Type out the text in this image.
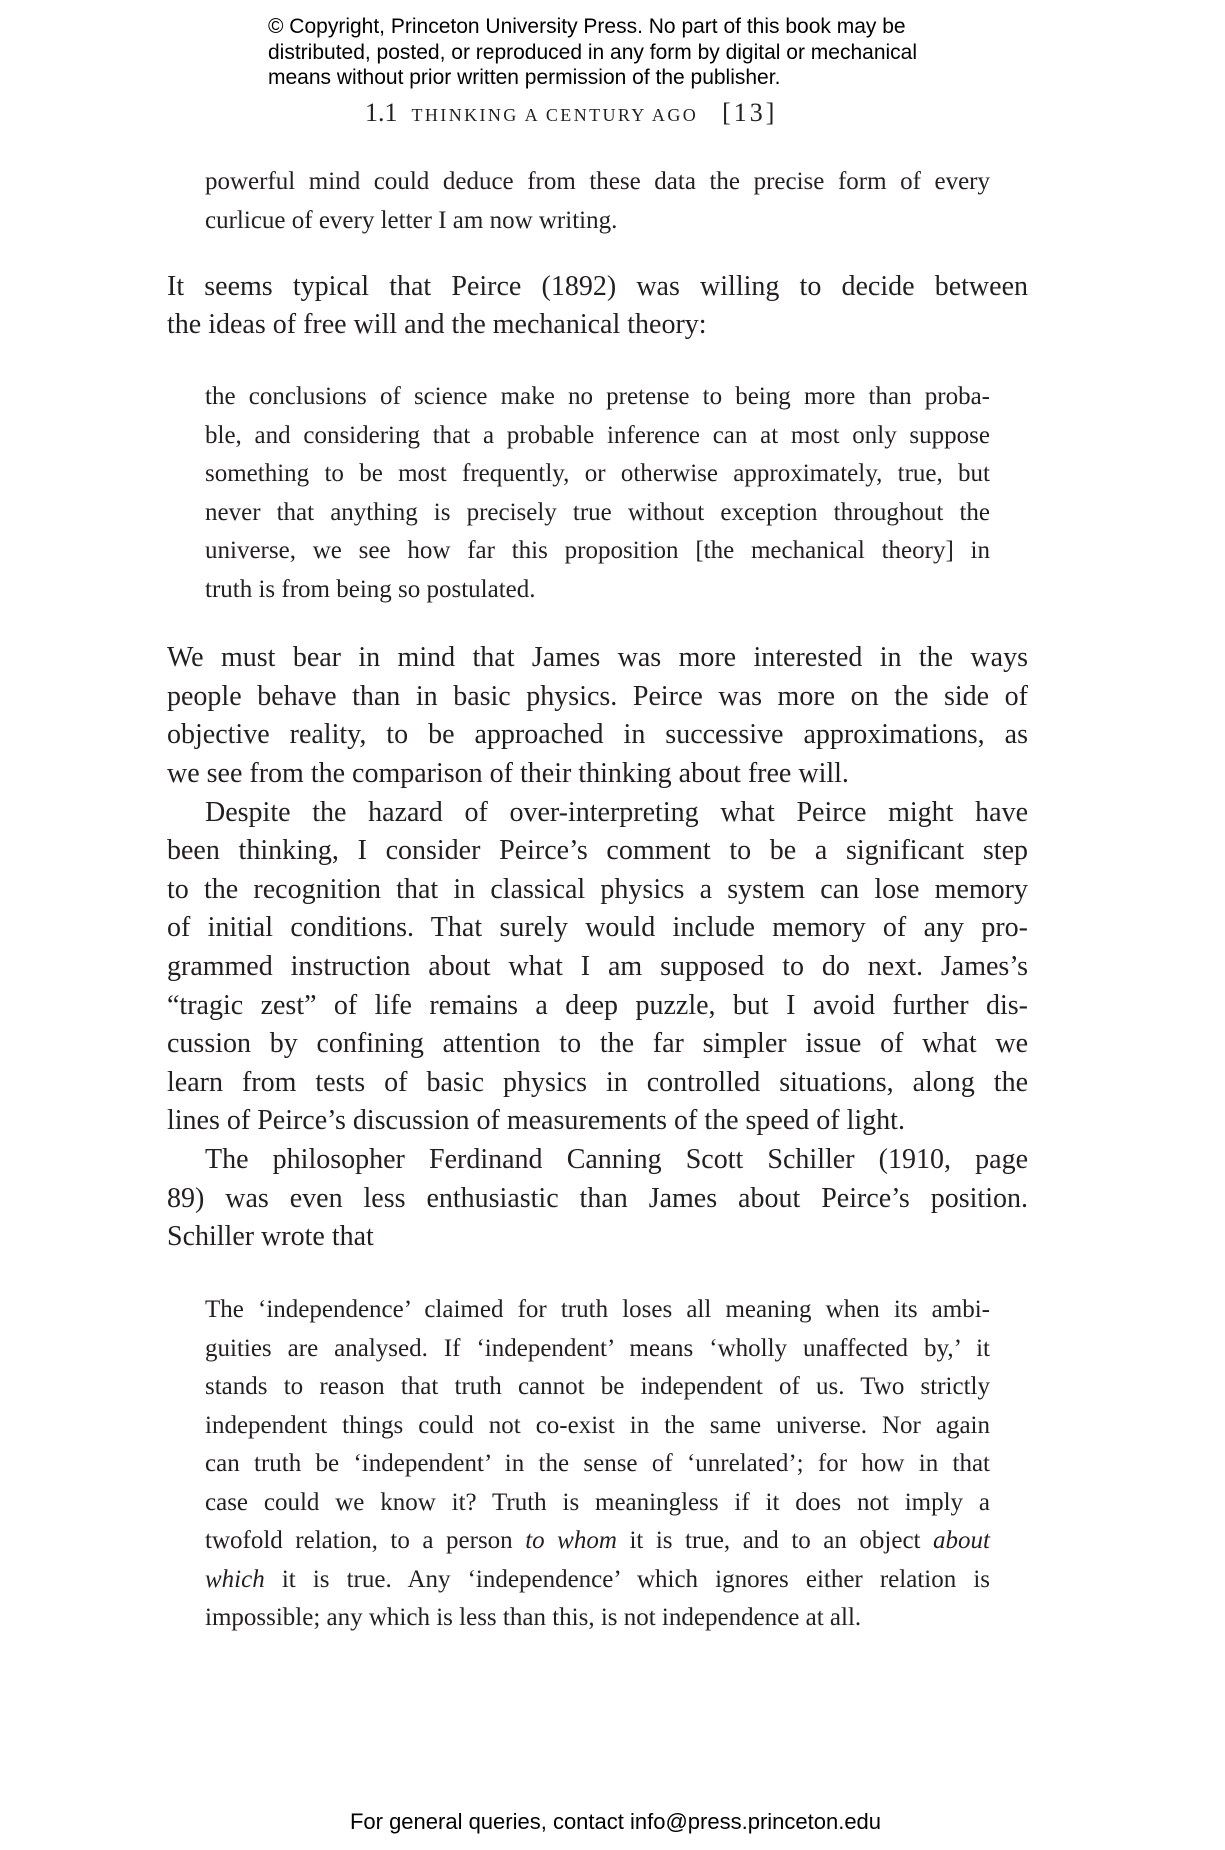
© Copyright, Princeton University Press. No part of this book may be
distributed, posted, or reproduced in any form by digital or mechanical
means without prior written permission of the publisher.
1.1 THINKING A CENTURY AGO [13]
powerful mind could deduce from these data the precise form of every
curlicue of every letter I am now writing.
It seems typical that Peirce (1892) was willing to decide between
the ideas of free will and the mechanical theory:
the conclusions of science make no pretense to being more than proba-
ble, and considering that a probable inference can at most only suppose
something to be most frequently, or otherwise approximately, true, but
never that anything is precisely true without exception throughout the
universe, we see how far this proposition [the mechanical theory] in
truth is from being so postulated.
We must bear in mind that James was more interested in the ways
people behave than in basic physics. Peirce was more on the side of
objective reality, to be approached in successive approximations, as
we see from the comparison of their thinking about free will.
Despite the hazard of over-interpreting what Peirce might have
been thinking, I consider Peirce’s comment to be a significant step
to the recognition that in classical physics a system can lose memory
of initial conditions. That surely would include memory of any pro-
grammed instruction about what I am supposed to do next. James’s
“tragic zest” of life remains a deep puzzle, but I avoid further dis-
cussion by confining attention to the far simpler issue of what we
learn from tests of basic physics in controlled situations, along the
lines of Peirce’s discussion of measurements of the speed of light.
The philosopher Ferdinand Canning Scott Schiller (1910, page
89) was even less enthusiastic than James about Peirce’s position.
Schiller wrote that
The ‘independence’ claimed for truth loses all meaning when its ambi-
guities are analysed. If ‘independent’ means ‘wholly unaffected by,’ it
stands to reason that truth cannot be independent of us. Two strictly
independent things could not co-exist in the same universe. Nor again
can truth be ‘independent’ in the sense of ‘unrelated’; for how in that
case could we know it? Truth is meaningless if it does not imply a
twofold relation, to a person to whom it is true, and to an object about
which it is true. Any ‘independence’ which ignores either relation is
impossible; any which is less than this, is not independence at all.
For general queries, contact info@press.princeton.edu
